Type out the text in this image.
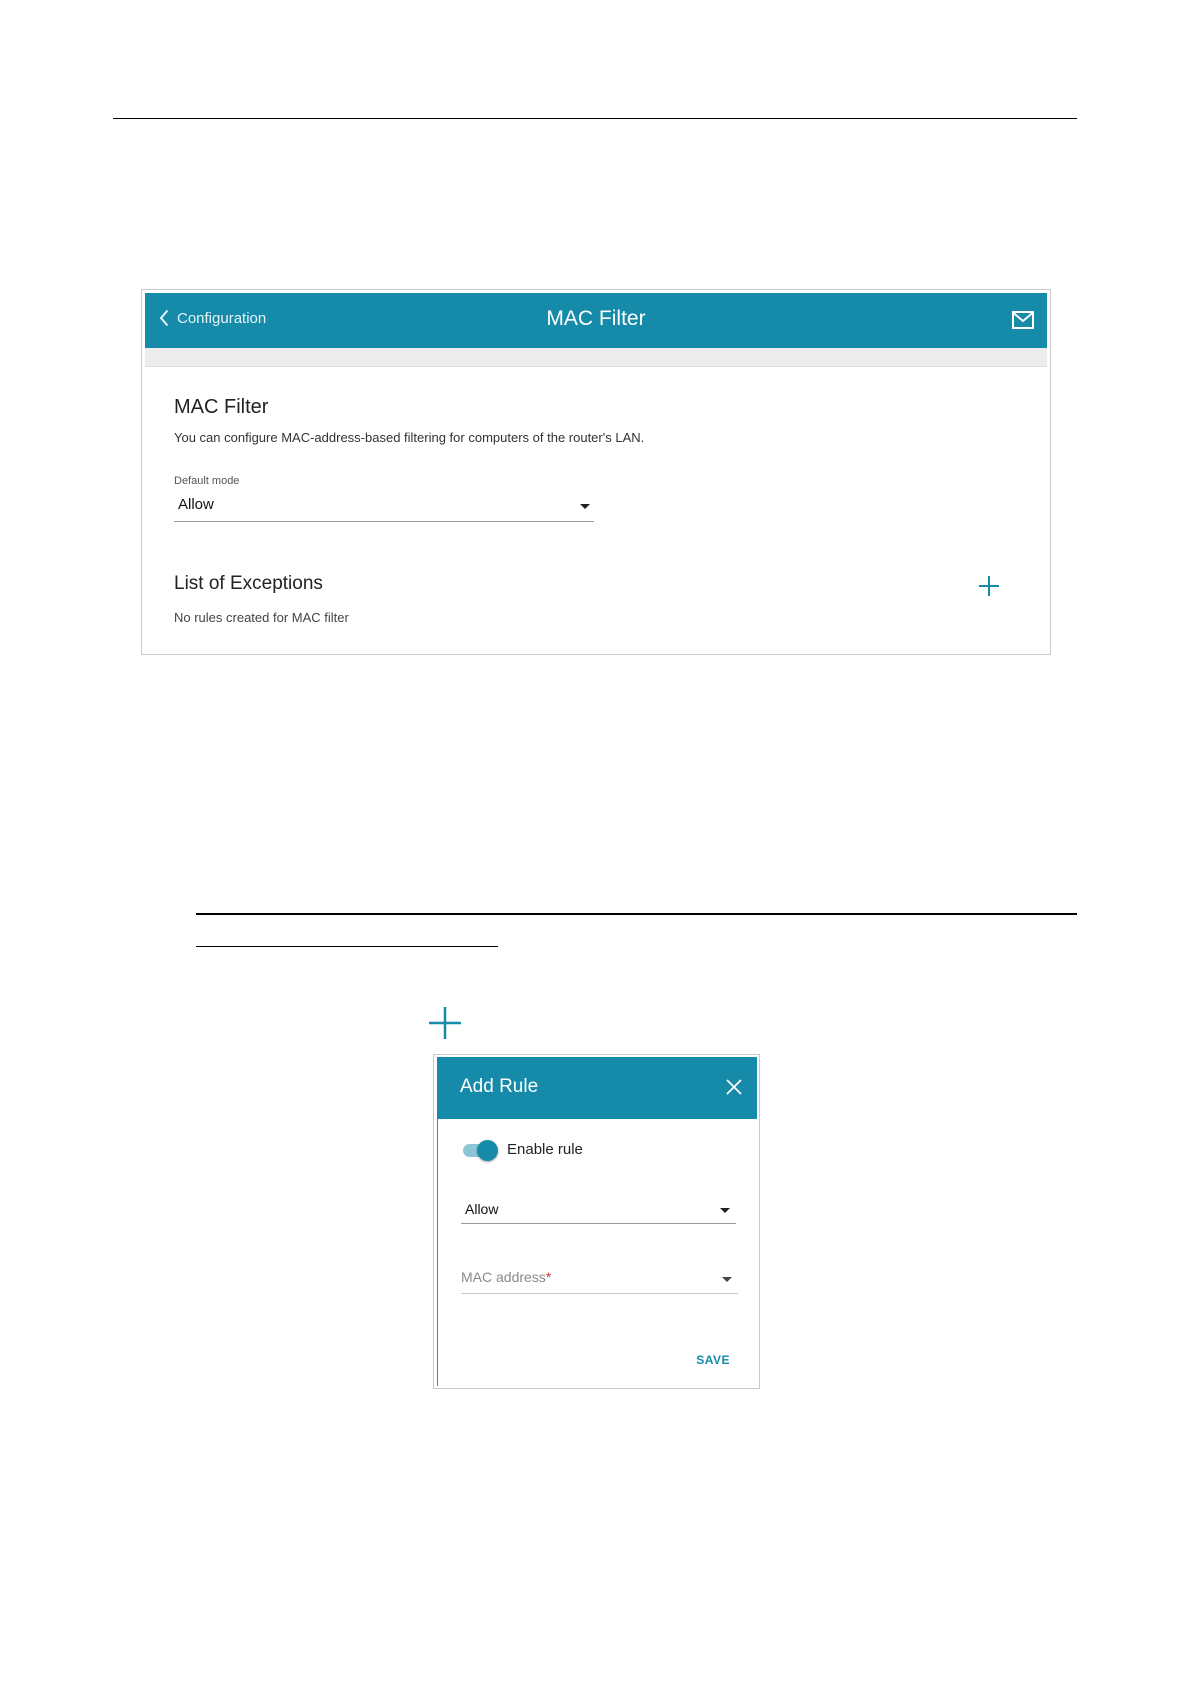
Configuration	MAC Filter
MAC Filter
You can configure MAC-address-based filtering for computers of the router's LAN.
Default mode
Allow
List of Exceptions
No rules created for MAC filter
Add Rule
Enable rule
Allow
MAC address*
SAVE
